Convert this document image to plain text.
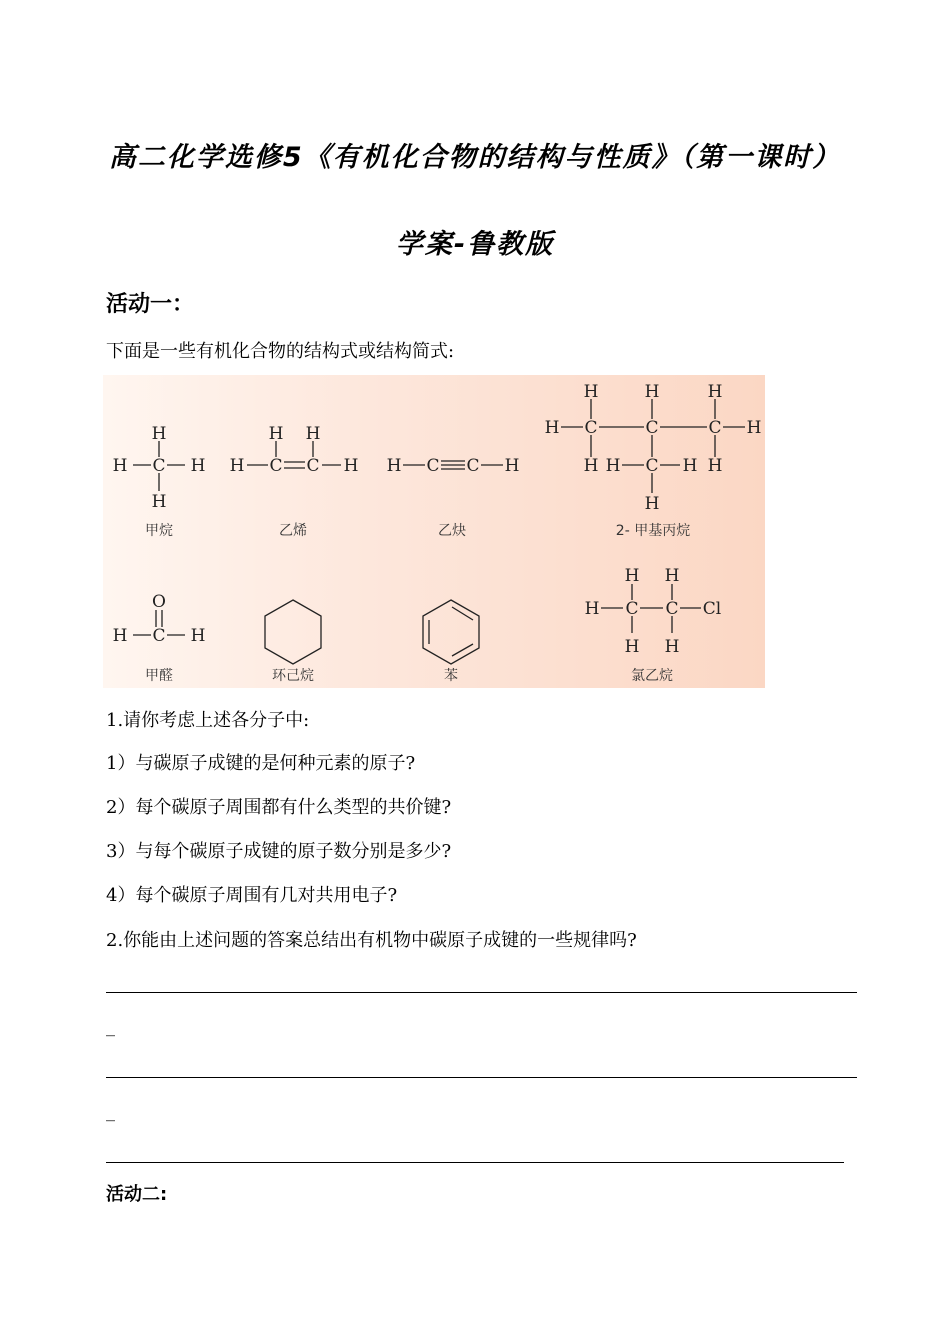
高二化学选修5《有机化合物的结构与性质》（第一课时）
学案-鲁教版
活动一：
下面是一些有机化合物的结构式或结构简式:
H C H
H
H
H C C H
H H
H C C H
H C	C	C H
H	H	H
H H C H H
H
H C H
O	H C C Cl
H H
H H
甲烷	乙烯	乙炔	2- 甲基丙烷
甲醛	环己烷	苯	氯乙烷
1.请你考虑上述各分子中:
1）与碳原子成键的是何种元素的原子?
2）每个碳原子周围都有什么类型的共价键?
3）与每个碳原子成键的原子数分别是多少?
4）每个碳原子周围有几对共用电子?
2.你能由上述问题的答案总结出有机物中碳原子成键的一些规律吗?
_
_
活动二:
